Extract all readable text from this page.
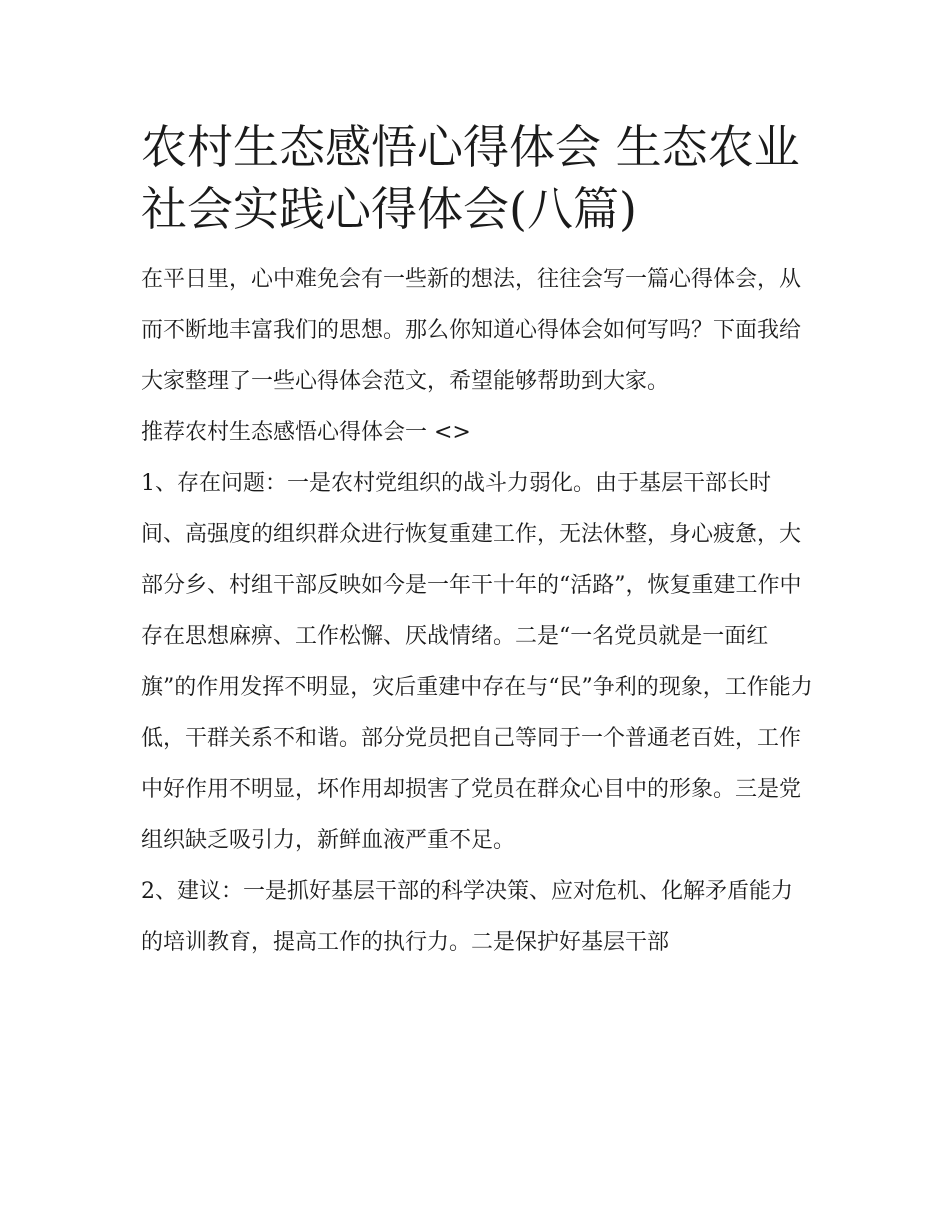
农村生态感悟心得体会 生态农业社会实践心得体会(八篇)

在平日里，心中难免会有一些新的想法，往往会写一篇心得体会，从而不断地丰富我们的思想。那么你知道心得体会如何写吗？下面我给大家整理了一些心得体会范文，希望能够帮助到大家。

推荐农村生态感悟心得体会一 <>

1、存在问题：一是农村党组织的战斗力弱化。由于基层干部长时间、高强度的组织群众进行恢复重建工作，无法休整，身心疲惫，大部分乡、村组干部反映如今是一年干十年的“活路”，恢复重建工作中存在思想麻痹、工作松懈、厌战情绪。二是“一名党员就是一面红旗”的作用发挥不明显，灾后重建中存在与“民”争利的现象，工作能力低，干群关系不和谐。部分党员把自己等同于一个普通老百姓，工作中好作用不明显，坏作用却损害了党员在群众心目中的形象。三是党组织缺乏吸引力，新鲜血液严重不足。

2、建议：一是抓好基层干部的科学决策、应对危机、化解矛盾能力的培训教育，提高工作的执行力。二是保护好基层干部
